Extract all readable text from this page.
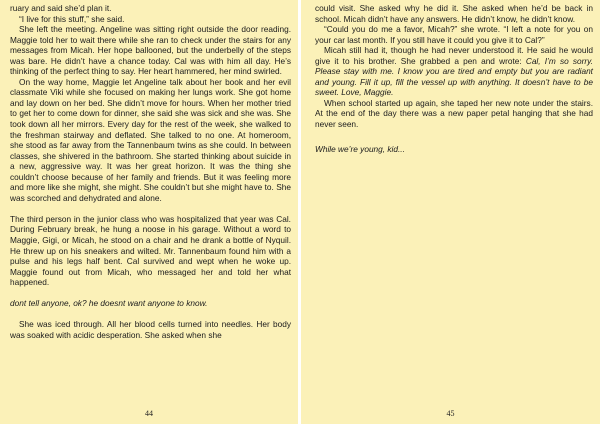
ruary and said she’d plan it.

“I live for this stuff,” she said.

She left the meeting. Angeline was sitting right outside the door reading. Maggie told her to wait there while she ran to check under the stairs for any messages from Micah. Her hope ballooned, but the underbelly of the steps was bare. He didn’t have a chance today. Cal was with him all day. He’s thinking of the perfect thing to say. Her heart hammered, her mind swirled.

On the way home, Maggie let Angeline talk about her book and her evil classmate Viki while she focused on making her lungs work. She got home and lay down on her bed. She didn’t move for hours. When her mother tried to get her to come down for dinner, she said she was sick and she was. She took down all her mirrors. Every day for the rest of the week, she walked to the freshman stairway and deflated. She talked to no one. At homeroom, she stood as far away from the Tannenbaum twins as she could. In between classes, she shivered in the bathroom. She started thinking about suicide in a new, aggressive way. It was her great horizon. It was the thing she couldn’t choose because of her family and friends. But it was feeling more and more like she might, she might. She couldn’t but she might have to. She was scorched and dehydrated and alone.

The third person in the junior class who was hospitalized that year was Cal. During February break, he hung a noose in his garage. Without a word to Maggie, Gigi, or Micah, he stood on a chair and he drank a bottle of Nyquil. He threw up on his sneakers and wilted. Mr. Tannenbaum found him with a pulse and his legs half bent. Cal survived and wept when he woke up. Maggie found out from Micah, who messaged her and told her what happened.

dont tell anyone, ok? he doesnt want anyone to know.

She was iced through. All her blood cells turned into needles. Her body was soaked with acidic desperation. She asked when she

44

could visit. She asked why he did it. She asked when he’d be back in school. Micah didn’t have any answers. He didn’t know, he didn’t know.

“Could you do me a favor, Micah?” she wrote. “I left a note for you on your car last month. If you still have it could you give it to Cal?”

Micah still had it, though he had never understood it. He said he would give it to his brother. She grabbed a pen and wrote: Cal, I’m so sorry. Please stay with me. I know you are tired and empty but you are radiant and young. Fill it up, fill the vessel up with anything. It doesn’t have to be sweet. Love, Maggie.

When school started up again, she taped her new note under the stairs. At the end of the day there was a new paper petal hanging that she had never seen.

While we’re young, kid...

45
